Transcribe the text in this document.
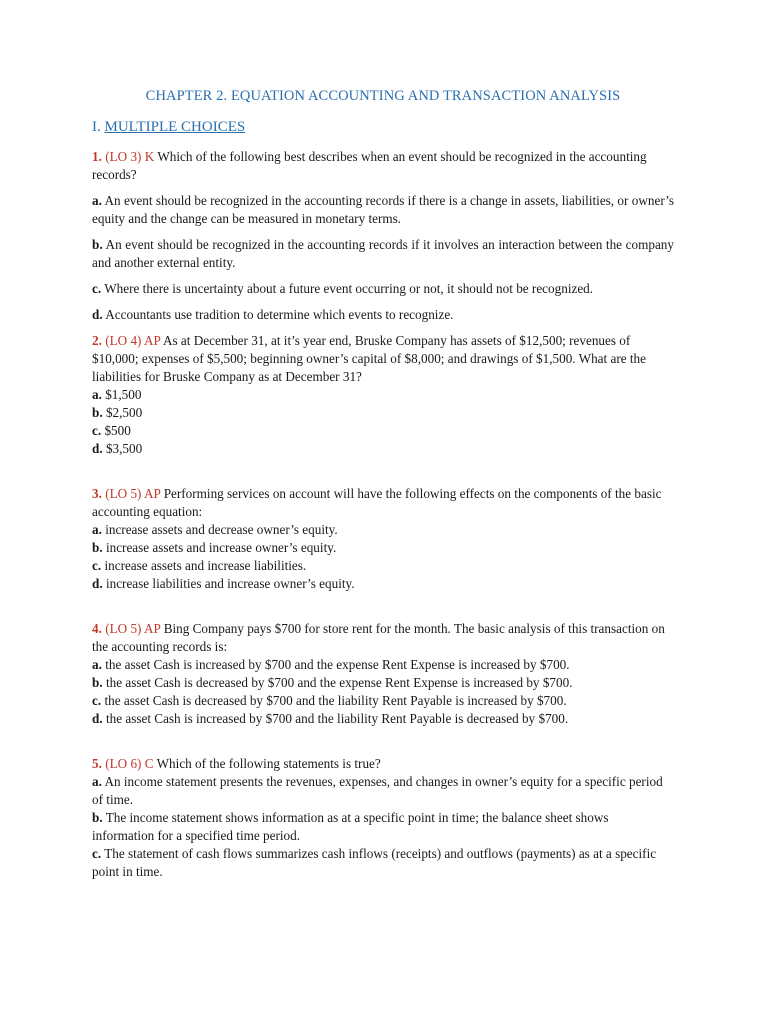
CHAPTER 2. EQUATION ACCOUNTING AND TRANSACTION ANALYSIS
I. MULTIPLE CHOICES

1. (LO 3) K Which of the following best describes when an event should be recognized in the accounting records?

a. An event should be recognized in the accounting records if there is a change in assets, liabilities, or owner’s equity and the change can be measured in monetary terms.

b. An event should be recognized in the accounting records if it involves an interaction between the company and another external entity.

c. Where there is uncertainty about a future event occurring or not, it should not be recognized.

d. Accountants use tradition to determine which events to recognize.

2. (LO 4) AP As at December 31, at it’s year end, Bruske Company has assets of $12,500; revenues of $10,000; expenses of $5,500; beginning owner’s capital of $8,000; and drawings of $1,500. What are the liabilities for Bruske Company as at December 31?

a. $1,500

b. $2,500

c. $500

d. $3,500

3. (LO 5) AP Performing services on account will have the following effects on the components of the basic accounting equation:

a. increase assets and decrease owner’s equity.

b. increase assets and increase owner’s equity.

c. increase assets and increase liabilities.

d. increase liabilities and increase owner’s equity.

4. (LO 5) AP Bing Company pays $700 for store rent for the month. The basic analysis of this transaction on the accounting records is:

a. the asset Cash is increased by $700 and the expense Rent Expense is increased by $700.

b. the asset Cash is decreased by $700 and the expense Rent Expense is increased by $700.

c. the asset Cash is decreased by $700 and the liability Rent Payable is increased by $700.

d. the asset Cash is increased by $700 and the liability Rent Payable is decreased by $700.

5. (LO 6) C Which of the following statements is true?

a. An income statement presents the revenues, expenses, and changes in owner’s equity for a specific period of time.

b. The income statement shows information as at a specific point in time; the balance sheet shows information for a specified time period.

c. The statement of cash flows summarizes cash inflows (receipts) and outflows (payments) as at a specific point in time.
